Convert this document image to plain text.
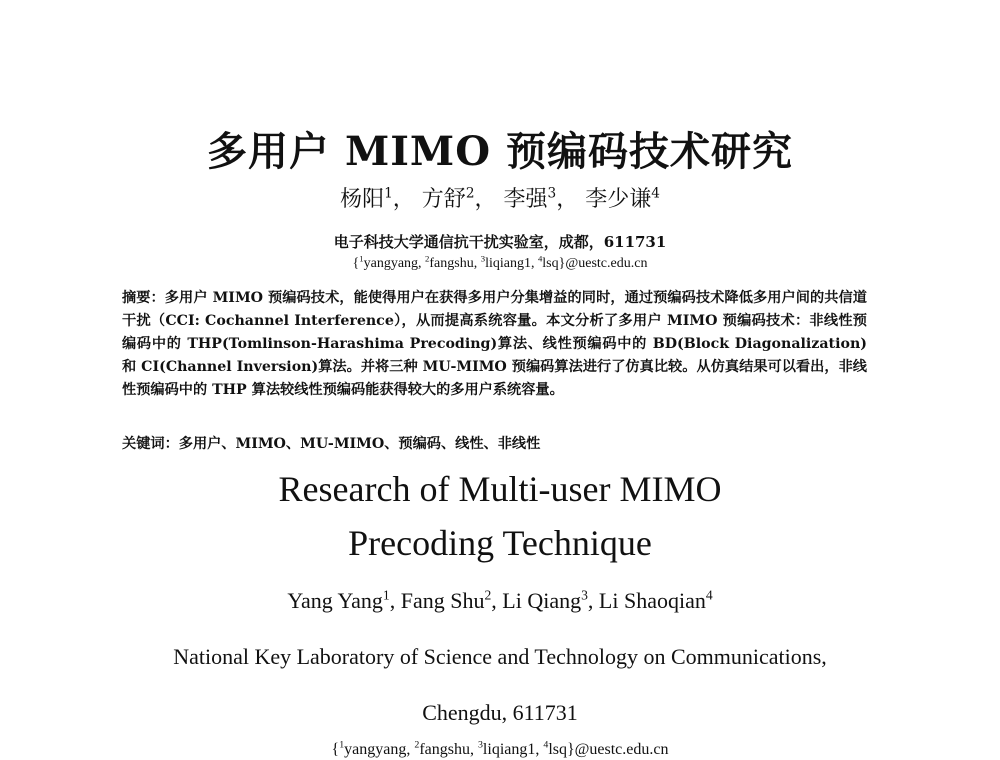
多用户 MIMO 预编码技术研究
杨阳$^1$， 方舒$^2$， 李强$^3$， 李少谦$^4$
电子科技大学通信抗干扰实验室，成都，611731
{$^1$yangyang, $^2$fangshu, $^3$liqiang1, $^4$lsq}@uestc.edu.cn
摘要：多用户 MIMO 预编码技术，能使得用户在获得多用户分集增益的同时，通过预编码技术降低多用户间的共信道干扰（CCI: Cochannel Interference），从而提高系统容量。本文分析了多用户 MIMO 预编码技术：非线性预编码中的 THP(Tomlinson-Harashima Precoding)算法、线性预编码中的 BD(Block Diagonalization)和 CI(Channel Inversion)算法。并将三种 MU-MIMO 预编码算法进行了仿真比较。从仿真结果可以看出，非线性预编码中的 THP 算法较线性预编码能获得较大的多用户系统容量。
关键词：多用户、MIMO、MU-MIMO、预编码、线性、非线性
Research of Multi-user MIMO
Precoding Technique
Yang Yang$^1$, Fang Shu$^2$, Li Qiang$^3$, Li Shaoqian$^4$
National Key Laboratory of Science and Technology on Communications,
Chengdu, 611731
{$^1$yangyang, $^2$fangshu, $^3$liqiang1, $^4$lsq}@uestc.edu.cn
